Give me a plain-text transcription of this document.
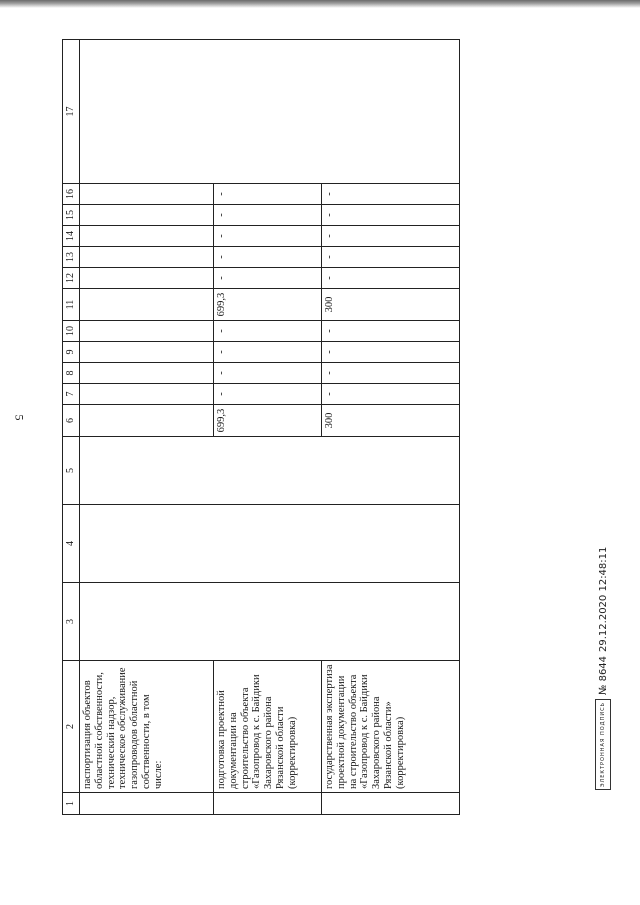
5
1	2	3	4	5	6	7	8	9	10	11	12	13	14	15	16	17
	паспортизация объектов областной собственности, технический надзор, техническое обслуживание газопроводов областной собственности, в том числе:															
	подготовка проектной документации на строительство объекта «Газопровод к с. Байдики Захаровского района Рязанской области (корректировка)				699,3	-	-	-	-	699,3	-	-	-	-	-	
	государственная экспертиза проектной документации на строительство объекта «Газопровод к с. Байдики Захаровского района Рязанской области» (корректировка)				300	-	-	-	-	300	-	-	-	-	-	
ЭЛЕКТРОННАЯ ПОДПИСЬ
№ 8644
29.12.2020 12:48:11
